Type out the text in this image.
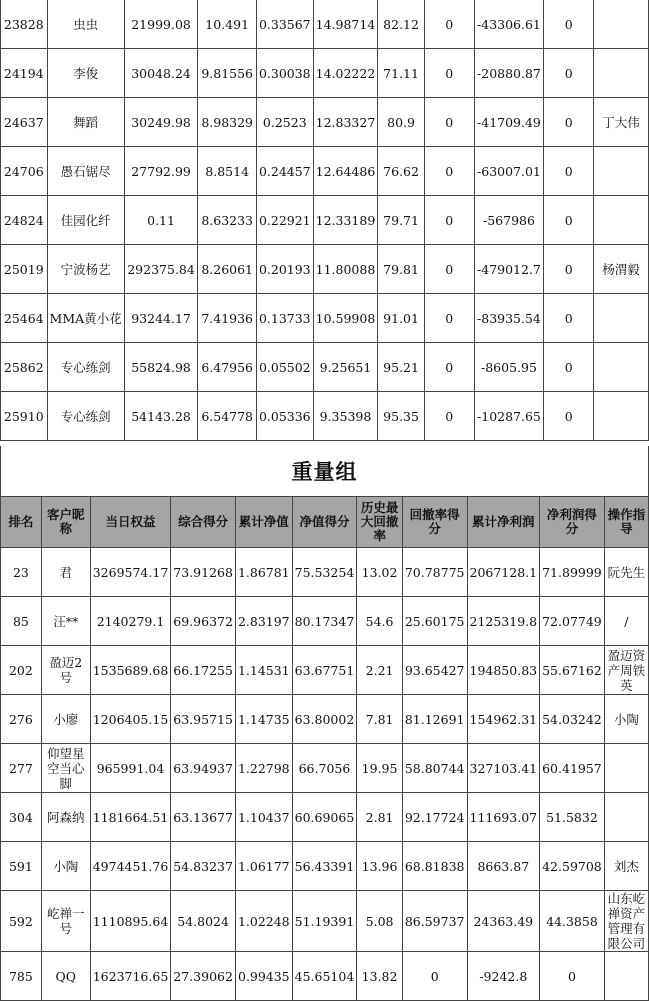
23828	虫虫	21999.08	10.491	0.33567	14.98714	82.12	0	-43306.61	0	
24194	李俊	30048.24	9.81556	0.30038	14.02222	71.11	0	-20880.87	0	
24637	舞蹈	30249.98	8.98329	0.2523	12.83327	80.9	0	-41709.49	0	丁大伟
24706	愚石锯尽	27792.99	8.8514	0.24457	12.64486	76.62	0	-63007.01	0	
24824	佳园化纤	0.11	8.63233	0.22921	12.33189	79.71	0	-567986	0	
25019	宁波杨艺	292375.84	8.26061	0.20193	11.80088	79.81	0	-479012.7	0	杨渭毅
25464	MMA黄小花	93244.17	7.41936	0.13733	10.59908	91.01	0	-83935.54	0	
25862	专心练剑	55824.98	6.47956	0.05502	9.25651	95.21	0	-8605.95	0	
25910	专心练剑	54143.28	6.54778	0.05336	9.35398	95.35	0	-10287.65	0	
重量组
排名	客户昵称	当日权益	综合得分	累计净值	净值得分	历史最大回撤率	回撤率得分	累计净利润	净利润得分	操作指导
23	君	3269574.17	73.91268	1.86781	75.53254	13.02	70.78775	2067128.1	71.89999	阮先生
85	汪**	2140279.1	69.96372	2.83197	80.17347	54.6	25.60175	2125319.8	72.07749	/
202	盈迈2号	1535689.68	66.17255	1.14531	63.67751	2.21	93.65427	194850.83	55.67162	盈迈资产周铁英
276	小廖	1206405.15	63.95715	1.14735	63.80002	7.81	81.12691	154962.31	54.03242	小陶
277	仰望星空当心脚	965991.04	63.94937	1.22798	66.7056	19.95	58.80744	327103.41	60.41957	
304	阿森纳	1181664.51	63.13677	1.10437	60.69065	2.81	92.17724	111693.07	51.5832	
591	小陶	4974451.76	54.83237	1.06177	56.43391	13.96	68.81838	8663.87	42.59708	刘杰
592	屹禅一号	1110895.64	54.8024	1.02248	51.19391	5.08	86.59737	24363.49	44.3858	山东屹禅资产管理有限公司
785	QQ	1623716.65	27.39062	0.99435	45.65104	13.82	0	-9242.8	0	
